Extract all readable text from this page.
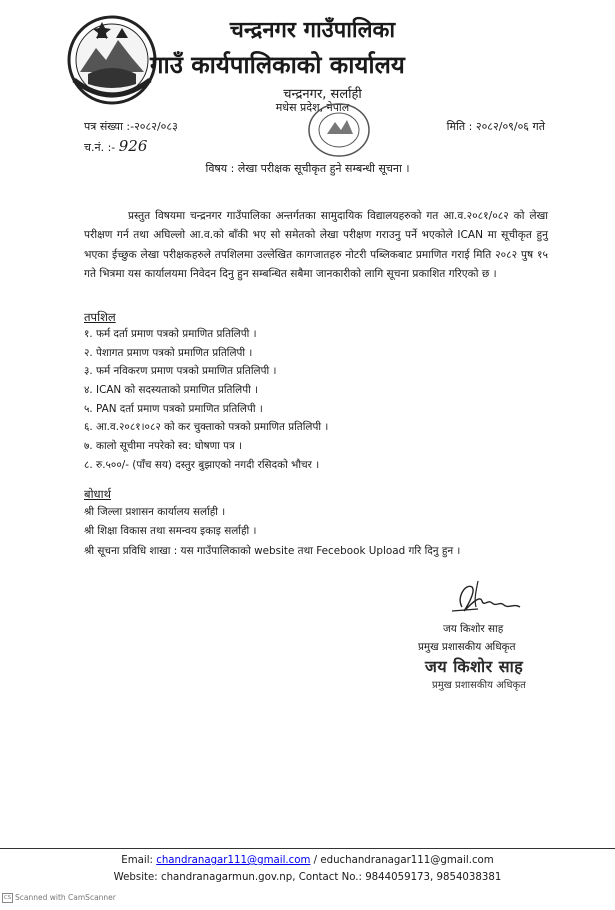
चन्द्रनगर गाउँपालिका
गाउँ कार्यपालिकाको कार्यालय
चन्द्रनगर, सर्लाही
मधेस प्रदेश, नेपाल
पत्र संख्या :-२०८२/०८३
च.नं. :- 926
मिति : २०८२/०९/०६ गते
विषय : लेखा परीक्षक सूचीकृत हुने सम्बन्धी सूचना ।
प्रस्तुत विषयमा चन्द्रनगर गाउँपालिका अन्तर्गतका सामुदायिक विद्यालयहरुको गत आ.व.२०८१/०८२ को लेखा परीक्षण गर्न तथा अघिल्लो आ.व.को बाँकी भए सो समेतको लेखा परीक्षण गराउनु पर्ने भएकोले ICAN मा सूचीकृत हुनु भएका ईच्छुक लेखा परीक्षकहरुले तपशिलमा उल्लेखित कागजातहरु नोटरी पब्लिकबाट प्रमाणित गराई मिति २०८२ पुष १५ गते भित्रमा यस कार्यालयमा निवेदन दिनु हुन सम्बन्धित सबैमा जानकारीको लागि सूचना प्रकाशित गरिएको छ ।
तपशिल
१. फर्म दर्ता प्रमाण पत्रको प्रमाणित प्रतिलिपी ।
२. पेशागत प्रमाण पत्रको प्रमाणित प्रतिलिपी ।
३. फर्म नविकरण प्रमाण पत्रको प्रमाणित प्रतिलिपी ।
४. ICAN को सदस्यताको प्रमाणित प्रतिलिपी ।
५. PAN दर्ता प्रमाण पत्रको प्रमाणित प्रतिलिपी ।
६. आ.व.२०८१।०८२ को कर चुक्ताको पत्रको प्रमाणित प्रतिलिपी ।
७. कालो सूचीमा नपरेको स्व: घोषणा पत्र ।
८. रु.५००/- (पाँच सय) दस्तुर बुझाएको नगदी रसिदको भौचर ।
बोधार्थ
श्री जिल्ला प्रशासन कार्यालय सर्लाही ।
श्री शिक्षा विकास तथा समन्वय इकाइ सर्लाही ।
श्री सूचना प्रविधि शाखा : यस गाउँपालिकाको website तथा Fecebook Upload गरि दिनु हुन ।
जय किशोर साह
प्रमुख प्रशासकीय अधिकृत
जय किशोर साह
प्रमुख प्रशासकीय अधिकृत
Email: chandranagar111@gmail.com / educhandranagar111@gmail.com
Website: chandranagarmun.gov.np, Contact No.: 9844059173, 9854038381
CS Scanned with CamScanner
